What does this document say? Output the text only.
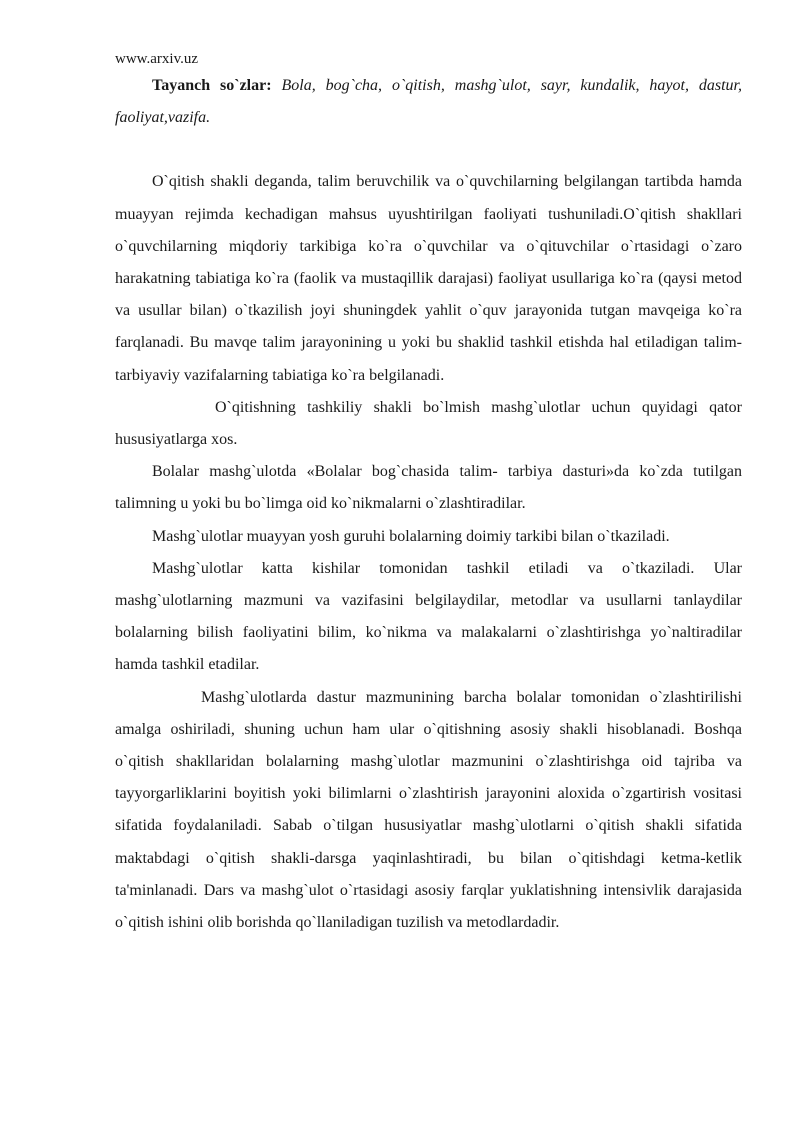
www.arxiv.uz

Tayanch so`zlar: Bola, bog`cha, o`qitish, mashg`ulot, sayr, kundalik, hayot, dastur, faoliyat,vazifa.

O`qitish shakli deganda, talim beruvchilik va o`quvchilarning belgilangan tartibda hamda muayyan rejimda kechadigan mahsus uyushtirilgan faoliyati tushuniladi.O`qitish shakllari o`quvchilarning miqdoriy tarkibiga ko`ra o`quvchilar va o`qituvchilar o`rtasidagi o`zaro harakatning tabiatiga ko`ra (faolik va mustaqillik darajasi) faoliyat usullariga ko`ra (qaysi metod va usullar bilan) o`tkazilish joyi shuningdek yahlit o`quv jarayonida tutgan mavqeiga ko`ra farqlanadi. Bu mavqe talim jarayonining u yoki bu shaklid tashkil etishda hal etiladigan talim- tarbiyaviy vazifalarning tabiatiga ko`ra belgilanadi.

O`qitishning tashkiliy shakli bo`lmish mashg`ulotlar uchun quyidagi qator hususiyatlarga xos.

Bolalar mashg`ulotda «Bolalar bog`chasida talim- tarbiya dasturi»da ko`zda tutilgan talimning u yoki bu bo`limga oid ko`nikmalarni o`zlashtiradilar.

Mashg`ulotlar muayyan yosh guruhi bolalarning doimiy tarkibi bilan o`tkaziladi.

Mashg`ulotlar katta kishilar tomonidan tashkil etiladi va o`tkaziladi. Ular mashg`ulotlarning mazmuni va vazifasini belgilaydilar, metodlar va usullarni tanlaydilar bolalarning bilish faoliyatini bilim, ko`nikma va malakalarni o`zlashtirishga yo`naltiradilar hamda tashkil etadilar.

Mashg`ulotlarda dastur mazmunining barcha bolalar tomonidan o`zlashtirilishi amalga oshiriladi, shuning uchun ham ular o`qitishning asosiy shakli hisoblanadi. Boshqa o`qitish shakllaridan bolalarning mashg`ulotlar mazmunini o`zlashtirishga oid tajriba va tayyorgarliklarini boyitish yoki bilimlarni o`zlashtirish jarayonini aloxida o`zgartirish vositasi sifatida foydalaniladi. Sabab o`tilgan hususiyatlar mashg`ulotlarni o`qitish shakli sifatida maktabdagi o`qitish shakli-darsga yaqinlashtiradi, bu bilan o`qitishdagi ketma-ketlik ta'minlanadi. Dars va mashg`ulot o`rtasidagi asosiy farqlar yuklatishning intensivlik darajasida o`qitish ishini olib borishda qo`llaniladigan tuzilish va metodlardadir.
